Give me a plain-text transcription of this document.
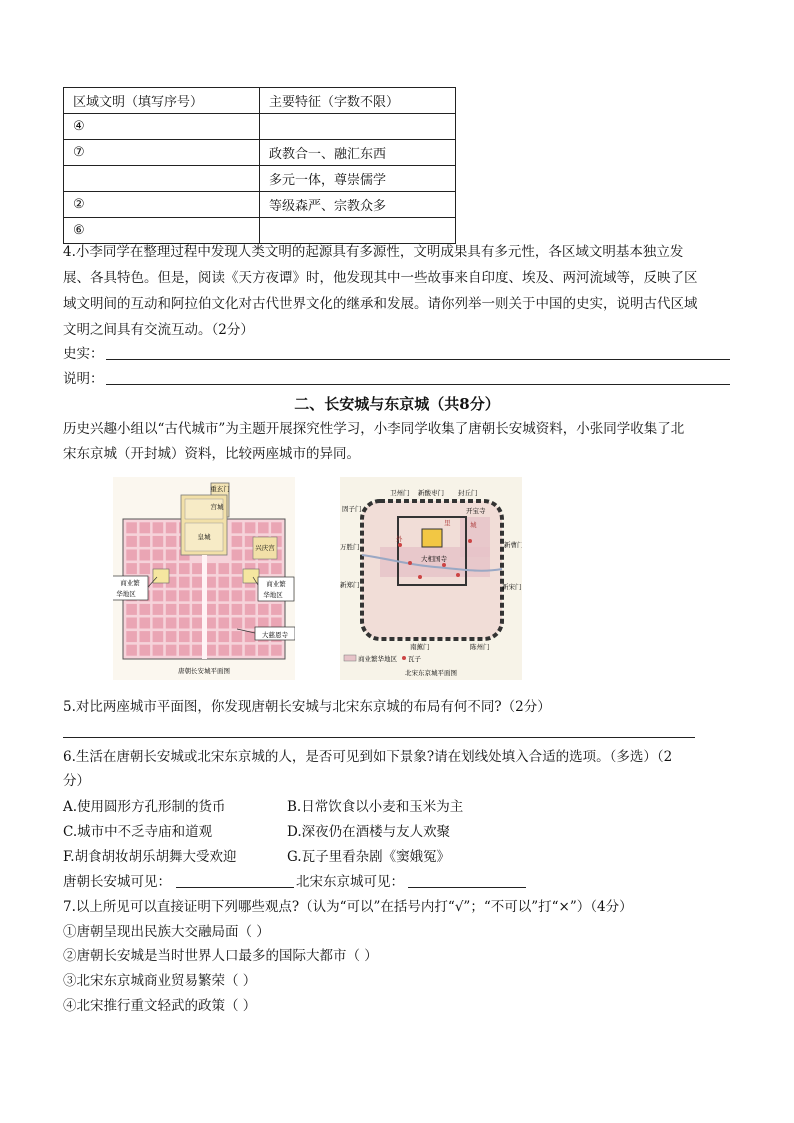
区域文明（填写序号）	主要特征（字数不限）
④	
⑦	政教合一、融汇东西
	多元一体，尊崇儒学
②	等级森严、宗教众多
⑥	
4.小李同学在整理过程中发现人类文明的起源具有多源性，文明成果具有多元性，各区域文明基本独立发
展、各具特色。但是，阅读《天方夜谭》时，他发现其中一些故事来自印度、埃及、两河流域等，反映了区
域文明间的互动和阿拉伯文化对古代世界文化的继承和发展。请你列举一则关于中国的史实，说明古代区域
文明之间具有交流互动。（2分）
史实：
说明：
二、长安城与东京城（共8分）
历史兴趣小组以“古代城市”为主题开展探究性学习，小李同学收集了唐朝长安城资料，小张同学收集了北
宋东京城（开封城）资料，比较两座城市的异同。
宫城
皇城
兴庆宫
重玄门
商业繁
华地区
商业繁
华地区
大慈恩寺
唐朝长安城平面图
外
里	城
大相国寺
开宝寺
卫州门 新酸枣门 封丘门
新曹门
万胜门
新郑门
南薰门	陈州门
新宋门
固子门
商业繁华地区 瓦子
北宋东京城平面图
5.对比两座城市平面图，你发现唐朝长安城与北宋东京城的布局有何不同?（2分）
6.生活在唐朝长安城或北宋东京城的人，是否可见到如下景象?请在划线处填入合适的选项。（多选）（2
分）
A.使用圆形方孔形制的货币	B.日常饮食以小麦和玉米为主
C.城市中不乏寺庙和道观	D.深夜仍在酒楼与友人欢聚
F.胡食胡妆胡乐胡舞大受欢迎	G.瓦子里看杂剧《窦娥冤》
唐朝长安城可见：	北宋东京城可见：
7.以上所见可以直接证明下列哪些观点?（认为“可以”在括号内打“√”；“不可以”打“×”）（4分）
①唐朝呈现出民族大交融局面（ ）
②唐朝长安城是当时世界人口最多的国际大都市（ ）
③北宋东京城商业贸易繁荣（ ）
④北宋推行重文轻武的政策（ ）
